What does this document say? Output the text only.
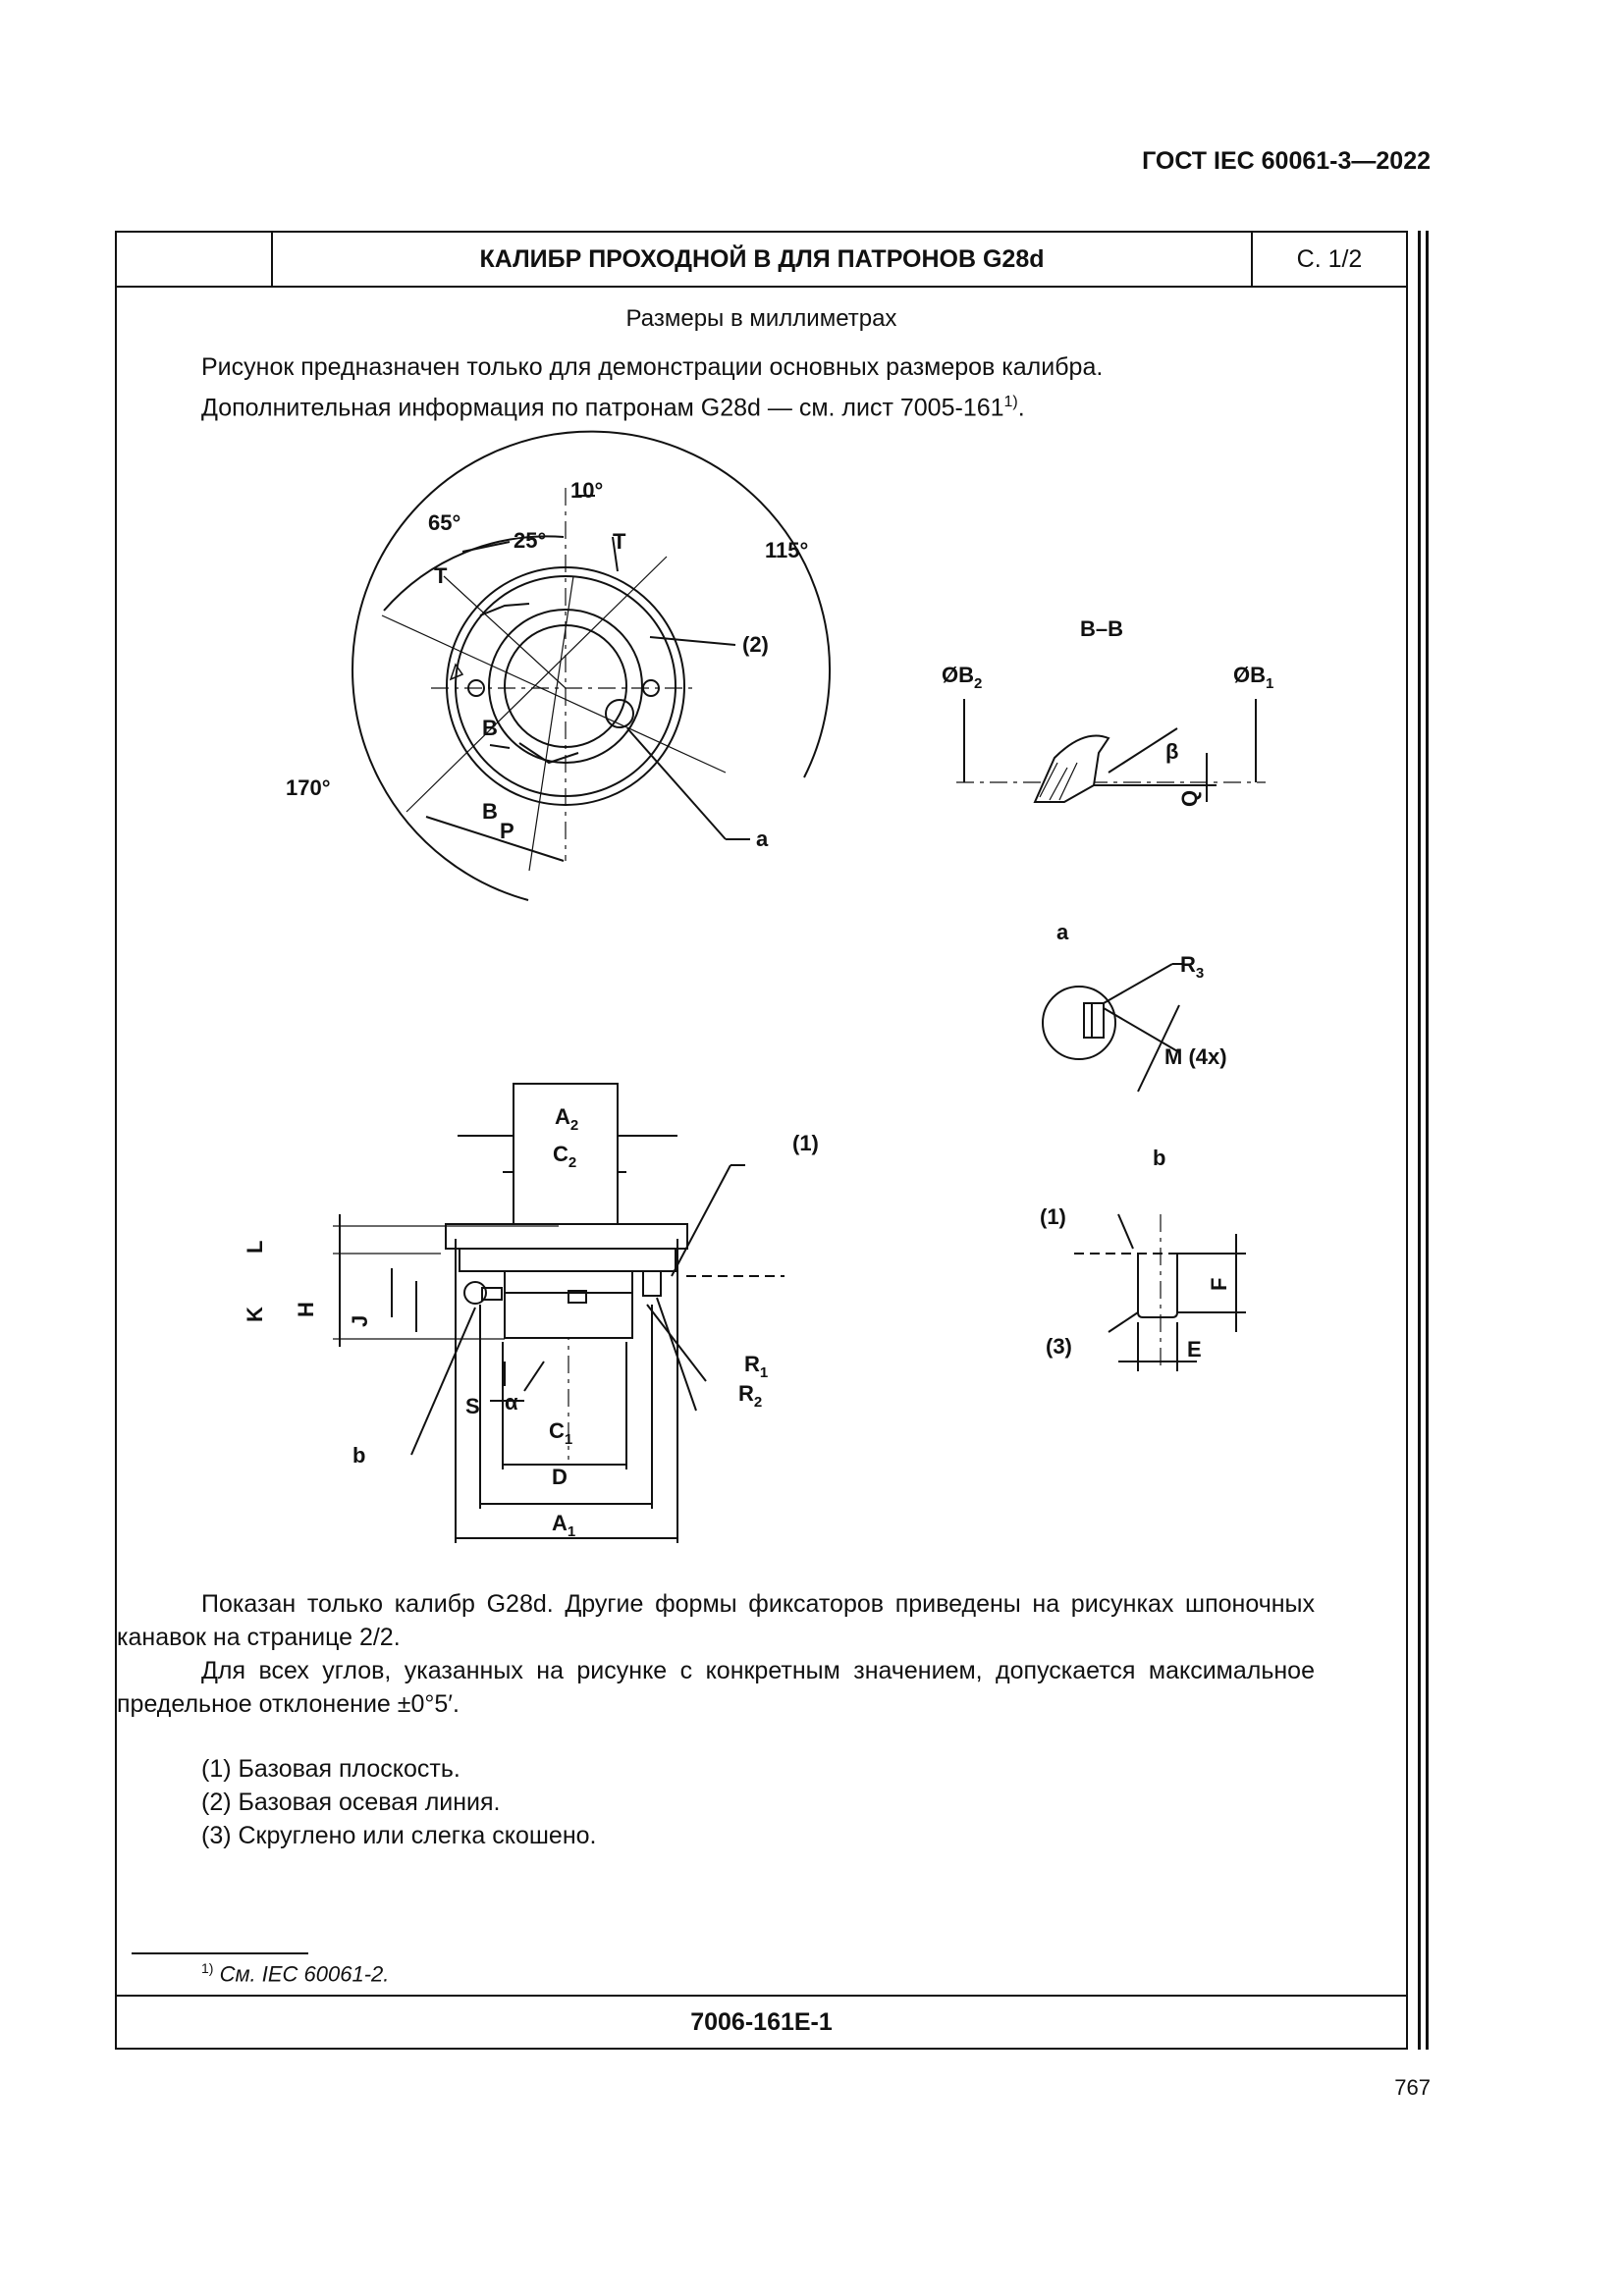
ГОСТ IEC 60061-3—2022
КАЛИБР ПРОХОДНОЙ В ДЛЯ ПАТРОНОВ G28d	С. 1/2
Размеры в миллиметрах
Рисунок предназначен только для демонстрации основных размеров калибра.
Дополнительная информация по патронам G28d — см. лист 7005-161$^{1)}$.
10°
65°
25°	115°
170°
T
T
(2)
B
B
P	a
B–B
$ØB_2$	$ØB_1$
β
Q
a
$R_3$
M (4x)
$A_2$
$C_2$
(1)
L
K H
J
$R_1$
$R_2$
S α
$C_1$
D
$A_1$
b
b
(1)
(3)
F
E

Показан только калибр G28d. Другие формы фиксаторов приведены на рисунках шпоночных канавок на странице 2/2.

Для всех углов, указанных на рисунке с конкретным значением, допускается максимальное предельное отклонение ±0°5′.

(1) Базовая плоскость.
(2) Базовая осевая линия.
(3) Скруглено или слегка скошено.
$^{1)}$ См. IEC 60061-2.
7006-161E-1
767
